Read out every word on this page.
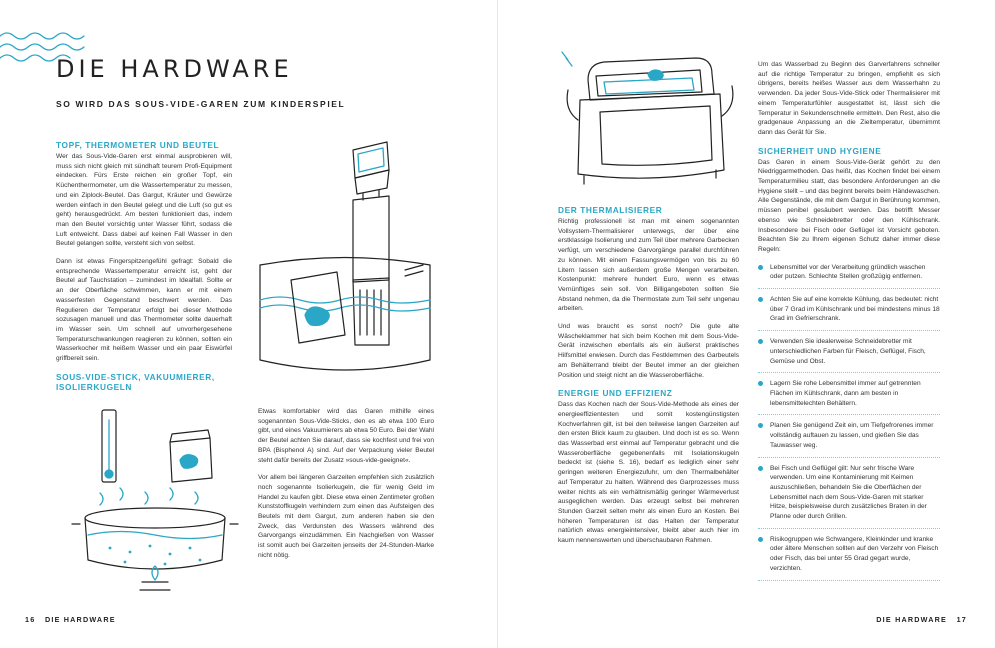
DIE HARDWARE
SO WIRD DAS SOUS-VIDE-GAREN ZUM KINDERSPIEL
TOPF, THERMOMETER UND BEUTEL

Wer das Sous-Vide-Garen erst einmal ausprobieren will, muss sich nicht gleich mit sündhaft teurem Profi-Equipment eindecken. Fürs Erste reichen ein großer Topf, ein Küchenthermometer, um die Wassertemperatur zu messen, und ein Ziplock-Beutel. Das Gargut, Kräuter und Gewürze werden einfach in den Beutel gelegt und die Luft (so gut es geht) herausgedrückt. Am besten funktioniert das, indem man den Beutel vorsichtig unter Wasser führt, sodass die Luft entweicht. Dass dabei auf keinen Fall Wasser in den Beutel gelangen sollte, versteht sich von selbst.

Dann ist etwas Fingerspitzengefühl gefragt: Sobald die entsprechende Wassertemperatur erreicht ist, geht der Beutel auf Tauchstation – zumindest im Idealfall. Sollte er an der Oberfläche schwimmen, kann er mit einem wasserfesten Gegenstand beschwert werden. Das Regulieren der Temperatur erfolgt bei dieser Methode sozusagen manuell und das Thermometer sollte dauerhaft im Wasser sein. Um schnell auf unvorhergesehene Temperaturschwankungen reagieren zu können, sollten ein Wasserkocher mit heißem Wasser und ein paar Eiswürfel griffbereit sein.

SOUS-VIDE-STICK, VAKUUMIERER, ISOLIERKUGELN

Etwas komfortabler wird das Garen mithilfe eines sogenannten Sous-Vide-Sticks, den es ab etwa 100 Euro gibt, und eines Vakuumierers ab etwa 50 Euro. Bei der Wahl der Beutel achten Sie darauf, dass sie kochfest und frei von BPA (Bisphenol A) sind. Auf der Verpackung vieler Beutel steht dafür bereits der Zusatz »sous-vide-geeignet«.

Vor allem bei längeren Garzeiten empfehlen sich zusätzlich noch sogenannte Isolierkugeln, die für wenig Geld im Handel zu kaufen gibt. Diese etwa einen Zentimeter großen Kunststoffkugeln verhindern zum einen das Aufsteigen des Beutels mit dem Gargut, zum anderen haben sie den Zweck, das Verdunsten des Wassers während des Garvorgangs einzudämmen. Ein Nachgießen von Wasser ist somit auch bei Garzeiten jenseits der 24-Stunden-Marke nicht nötig.

16 DIE HARDWARE
DER THERMALISIERER

Richtig professionell ist man mit einem sogenannten Vollsystem-Thermalisierer unterwegs, der über eine erstklassige Isolierung und zum Teil über mehrere Garbecken verfügt, um verschiedene Garvorgänge parallel durchführen zu können. Mit einem Fassungsvermögen von bis zu 60 Litern lassen sich außerdem große Mengen verarbeiten. Kostenpunkt: mehrere hundert Euro, wenn es etwas Vernünftiges sein soll. Von Billigangeboten sollten Sie Abstand nehmen, da die Thermostate zum Teil sehr ungenau arbeiten.

Und was braucht es sonst noch? Die gute alte Wäscheklammer hat sich beim Kochen mit dem Sous-Vide-Gerät inzwischen ebenfalls als ein äußerst praktisches Hilfsmittel erwiesen. Durch das Festklemmen des Garbeutels am Behälterrand bleibt der Beutel immer an der gleichen Position und steigt nicht an die Wasseroberfläche.

ENERGIE UND EFFIZIENZ

Dass das Kochen nach der Sous-Vide-Methode als eines der energieeffizientesten und somit kostengünstigsten Kochverfahren gilt, ist bei den teilweise langen Garzeiten auf den ersten Blick kaum zu glauben. Und doch ist es so. Wenn das Wasserbad erst einmal auf Temperatur gebracht und die Wasseroberfläche gegebenenfalls mit Isolationskugeln bedeckt ist (siehe S. 16), bedarf es lediglich einer sehr geringen weiteren Energiezufuhr, um den Thermalbehälter auf Temperatur zu halten. Während des Garprozesses muss weiter nichts als ein verhältnismäßig geringer Wärmeverlust ausgeglichen werden. Das erzeugt selbst bei mehreren Stunden Garzeit selten mehr als einen Euro an Kosten. Bei höheren Temperaturen ist das Halten der Temperatur natürlich etwas energieintensiver, bleibt aber auch hier im kaum nennenswerten und überschaubaren Rahmen.

Um das Wasserbad zu Beginn des Garverfahrens schneller auf die richtige Temperatur zu bringen, empfiehlt es sich übrigens, bereits heißes Wasser aus dem Wasserhahn zu verwenden. Da jeder Sous-Vide-Stick oder Thermalisierer mit einem Temperaturfühler ausgestattet ist, lässt sich die Temperatur in Sekundenschnelle ermitteln. Den Rest, also die gradgenaue Anpassung an die Zieltemperatur, übernimmt dann das Gerät für Sie.

SICHERHEIT UND HYGIENE

Das Garen in einem Sous-Vide-Gerät gehört zu den Niedriggarmethoden. Das heißt, das Kochen findet bei einem Temperaturmilieu statt, das besondere Anforderungen an die Hygiene stellt – und das beginnt bereits beim Händewaschen. Alle Gegenstände, die mit dem Gargut in Berührung kommen, müssen penibel gesäubert werden. Das betrifft Messer ebenso wie Schneidebretter oder den Kühlschrank. Insbesondere bei Fisch oder Geflügel ist Vorsicht geboten. Beachten Sie zu Ihrem eigenen Schutz daher immer diese Regeln:

Lebensmittel vor der Verarbeitung gründlich waschen oder putzen. Schlechte Stellen großzügig entfernen.
Achten Sie auf eine korrekte Kühlung, das bedeutet: nicht über 7 Grad im Kühlschrank und bei mindestens minus 18 Grad im Gefrierschrank.
Verwenden Sie idealerweise Schneidebretter mit unterschiedlichen Farben für Fleisch, Geflügel, Fisch, Gemüse und Obst.
Lagern Sie rohe Lebensmittel immer auf getrennten Flächen im Kühlschrank, dann am besten in lebensmittelechten Behältern.
Planen Sie genügend Zeit ein, um Tiefgefrorenes immer vollständig auftauen zu lassen, und gießen Sie das Tauwasser weg.
Bei Fisch und Geflügel gilt: Nur sehr frische Ware verwenden. Um eine Kontaminierung mit Keimen auszuschließen, behandeln Sie die Oberflächen der Lebensmittel nach dem Sous-Vide-Garen mit starker Hitze, beispielsweise durch zusätzliches Braten in der Pfanne oder durch Grillen.
Risikogruppen wie Schwangere, Kleinkinder und kranke oder ältere Menschen sollten auf den Verzehr von Fleisch oder Fisch, das bei unter 55 Grad gegart wurde, verzichten.
DIE HARDWARE 17
